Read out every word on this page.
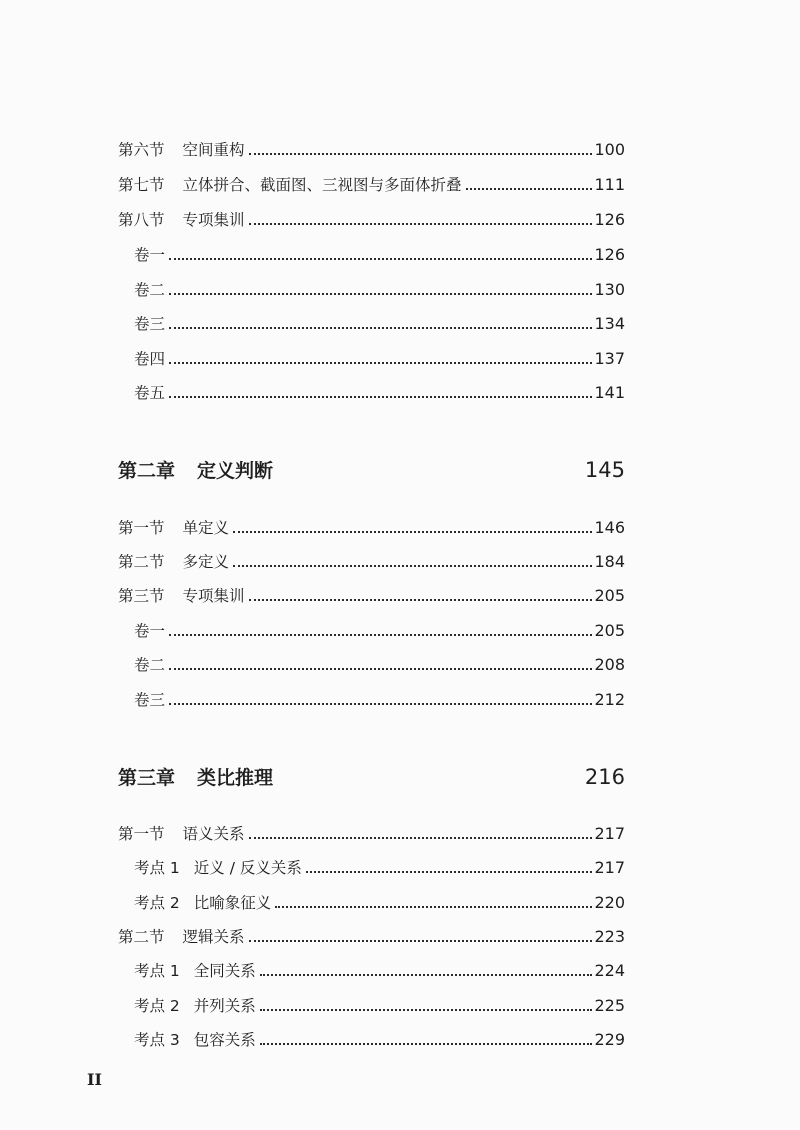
第六节 空间重构	100
第七节 立体拼合、截面图、三视图与多面体折叠	111
第八节 专项集训	126
卷一	126
卷二	130
卷三	134
卷四	137
卷五	141
第二章 定义判断	145
第一节 单定义	146
第二节 多定义	184
第三节 专项集训	205
卷一	205
卷二	208
卷三	212
第三章 类比推理	216
第一节 语义关系	217
考点 1 近义 / 反义关系	217
考点 2 比喻象征义	220
第二节 逻辑关系	223
考点 1 全同关系	224
考点 2 并列关系	225
考点 3 包容关系	229
II
